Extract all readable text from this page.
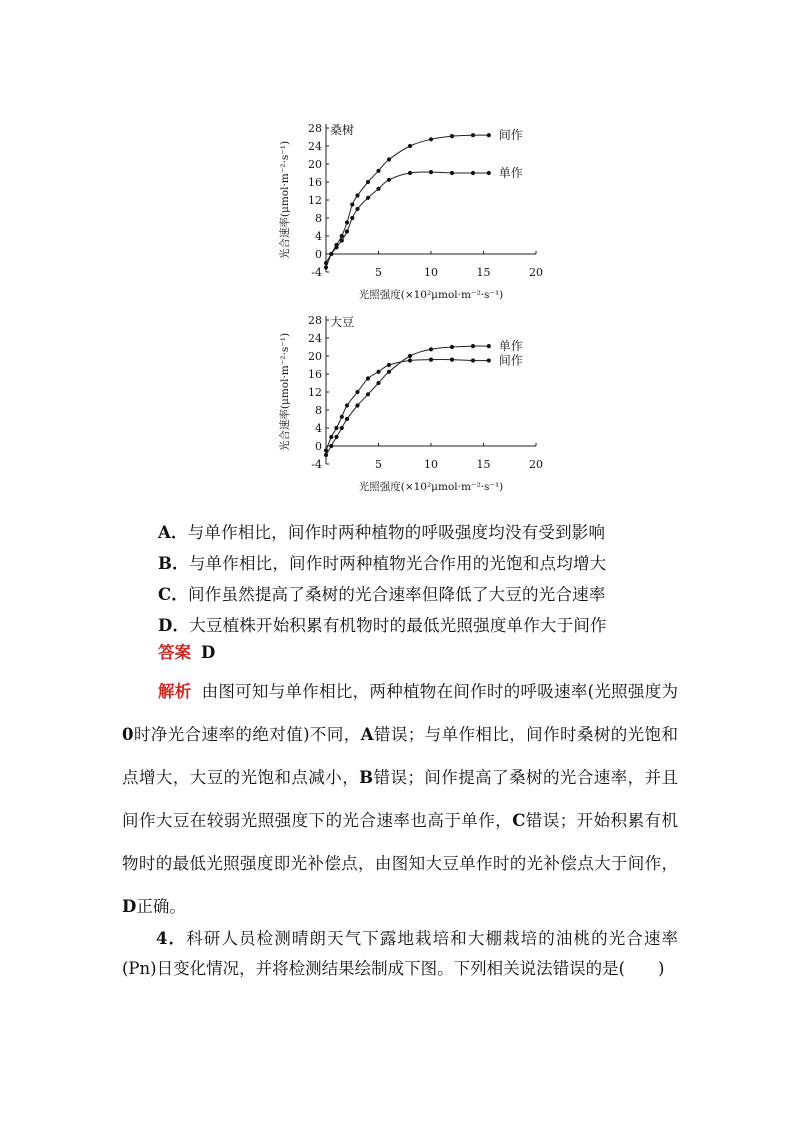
28
24
20
16
12
8
4
0
-4	5	10	15	20
桑树
光照强度(×10²μmol·m⁻²·s⁻¹)
光合速率(μmol·m⁻²·s⁻¹)
间作
单作
28
24
20
16
12
8
4
0
-4	5	10	15	20
大豆
光照强度(×10²μmol·m⁻²·s⁻¹)
光合速率(μmol·m⁻²·s⁻¹)	单作
间作
A．与单作相比，间作时两种植物的呼吸强度均没有受到影响
B．与单作相比，间作时两种植物光合作用的光饱和点均增大
C．间作虽然提高了桑树的光合速率但降低了大豆的光合速率
D．大豆植株开始积累有机物时的最低光照强度单作大于间作
答案 D
解析 由图可知与单作相比，两种植物在间作时的呼吸速率(光照强度为0时净光合速率的绝对值)不同，A错误；与单作相比，间作时桑树的光饱和点增大，大豆的光饱和点减小，B错误；间作提高了桑树的光合速率，并且间作大豆在较弱光照强度下的光合速率也高于单作，C错误；开始积累有机物时的最低光照强度即光补偿点，由图知大豆单作时的光补偿点大于间作，D正确。
4．科研人员检测晴朗天气下露地栽培和大棚栽培的油桃的光合速率(Pn)日变化情况，并将检测结果绘制成下图。下列相关说法错误的是(　　)
